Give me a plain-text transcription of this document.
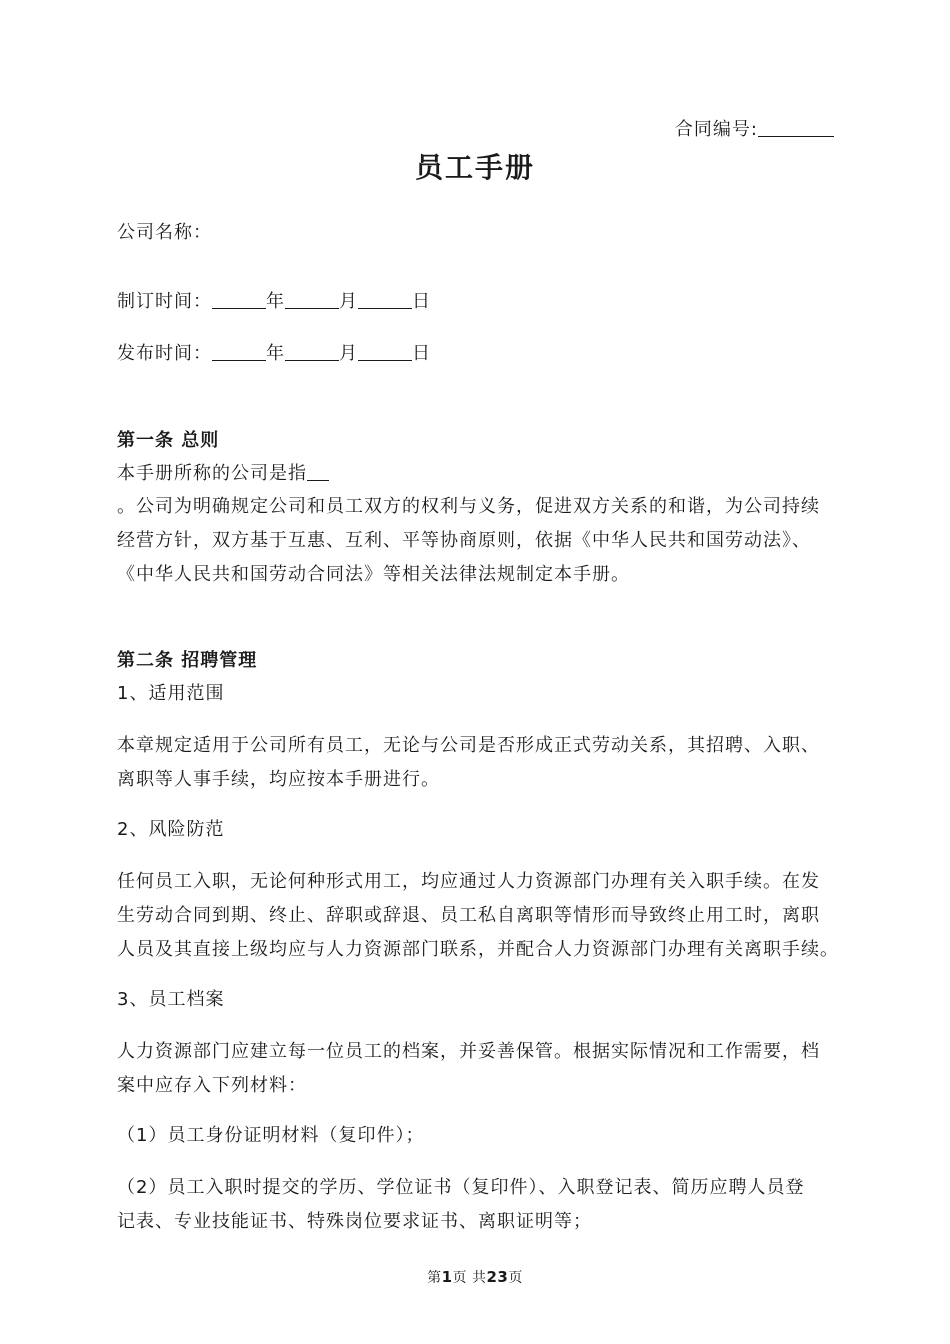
合同编号:
员工手册
公司名称：
制订时间：	年	月	日
发布时间：	年	月	日
第一条 总则
本手册所称的公司是指
。公司为明确规定公司和员工双方的权利与义务，促进双方关系的和谐，为公司持续
经营方针，双方基于互惠、互利、平等协商原则，依据《中华人民共和国劳动法》、
《中华人民共和国劳动合同法》等相关法律法规制定本手册。
第二条 招聘管理
1、适用范围
本章规定适用于公司所有员工，无论与公司是否形成正式劳动关系，其招聘、入职、
离职等人事手续，均应按本手册进行。
2、风险防范
任何员工入职，无论何种形式用工，均应通过人力资源部门办理有关入职手续。在发
生劳动合同到期、终止、辞职或辞退、员工私自离职等情形而导致终止用工时，离职
人员及其直接上级均应与人力资源部门联系，并配合人力资源部门办理有关离职手续。
3、员工档案
人力资源部门应建立每一位员工的档案，并妥善保管。根据实际情况和工作需要，档
案中应存入下列材料：
（1）员工身份证明材料（复印件）；
（2）员工入职时提交的学历、学位证书（复印件）、入职登记表、简历应聘人员登
记表、专业技能证书、特殊岗位要求证书、离职证明等；
第1页 共23页
